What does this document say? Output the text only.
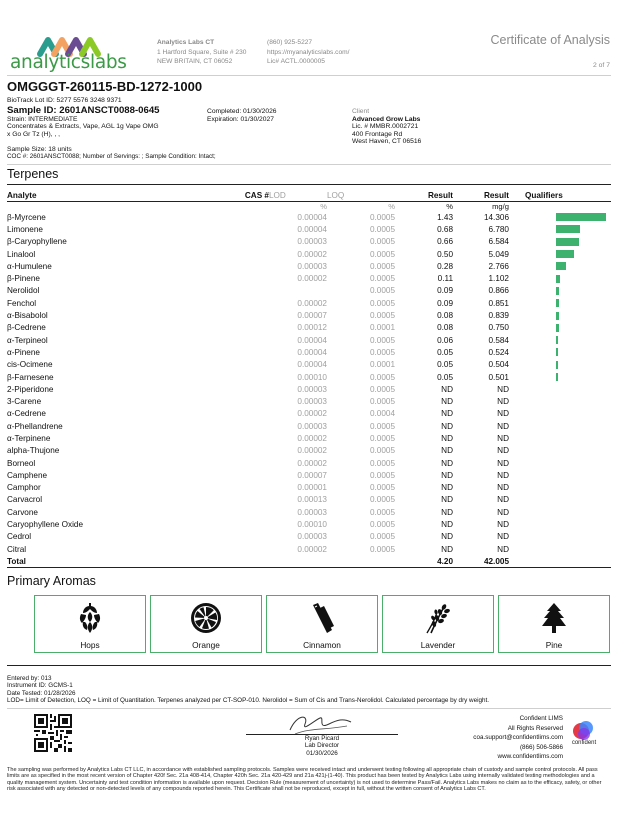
analyticslabs
Analytics Labs CT
1 Hartford Square, Suite # 230
NEW BRITAIN, CT 06052
(860) 925-5227
https://myanalyticslabs.com/
Lic# ACTL.0000005
Certificate of Analysis
2 of 7
OMGGGT-260115-BD-1272-1000
BioTrack Lot ID: 5277 5576 3248 9371
Sample ID: 2601ANSCT0088-0645
Strain: INTERMEDIATE
Concentrates & Extracts, Vape, AGL 1g Vape OMG
x Go Gr Tz (H), , ,
Completed: 01/30/2026
Expiration: 01/30/2027
Sample Size: 18 units
COC #: 2601ANSCT0088; Number of Servings: ; Sample Condition: Intact;
Client
Advanced Grow Labs
Lic. # MMBR.0002721
400 Frontage Rd
West Haven, CT 06516
Terpenes
Analyte	CAS #	LOD	LOQ	Result	Result	Qualifiers
		%	%	%	mg/g	
β-Myrcene		0.00004	0.0005	1.43	14.306	

Limonene		0.00004	0.0005	0.68	6.780	

β-Caryophyllene		0.00003	0.0005	0.66	6.584	

Linalool		0.00002	0.0005	0.50	5.049	

α-Humulene		0.00003	0.0005	0.28	2.766	

β-Pinene		0.00002	0.0005	0.11	1.102	

Nerolidol			0.0005	0.09	0.866	

Fenchol		0.00002	0.0005	0.09	0.851	

α-Bisabolol		0.00007	0.0005	0.08	0.839	

β-Cedrene		0.00012	0.0001	0.08	0.750	

α-Terpineol		0.00004	0.0005	0.06	0.584	

α-Pinene		0.00004	0.0005	0.05	0.524	

cis-Ocimene		0.00004	0.0001	0.05	0.504	

β-Farnesene		0.00010	0.0005	0.05	0.501	

2-Piperidone		0.00003	0.0005	ND	ND	
3-Carene		0.00003	0.0005	ND	ND	
α-Cedrene		0.00002	0.0004	ND	ND	
α-Phellandrene		0.00003	0.0005	ND	ND	
α-Terpinene		0.00002	0.0005	ND	ND	
alpha-Thujone		0.00002	0.0005	ND	ND	
Borneol		0.00002	0.0005	ND	ND	
Camphene		0.00007	0.0005	ND	ND	
Camphor		0.00001	0.0005	ND	ND	
Carvacrol		0.00013	0.0005	ND	ND	
Carvone		0.00003	0.0005	ND	ND	
Caryophyllene Oxide		0.00010	0.0005	ND	ND	
Cedrol		0.00003	0.0005	ND	ND	
Citral		0.00002	0.0005	ND	ND	
Total				4.20	42.005	
Primary Aromas
Hops	Orange	Cinnamon	Lavender	Pine
Entered by: 013
Instrument ID: GCMS-1
Date Tested: 01/28/2026
LOD= Limit of Detection, LOQ = Limit of Quantitation. Terpenes analyzed per CT-SOP-010. Nerolidol = Sum of Cis and Trans-Nerolidol. Calculated percentage by dry weight.
Ryan Picard
Lab Director
01/30/2026
Confident LIMS
All Rights Reserved
coa.support@confidentlims.com
(866) 506-5866
www.confidentlims.com
confident
The sampling was performed by Analytics Labs CT LLC, in accordance with established sampling protocols. Samples were received intact and underwent testing following all appropriate chain of custody and sample control protocols. All pass limits are as specified in the most recent version of Chapter 420f Sec. 21a 408-414, Chapter 420h Sec. 21a 420-429 and 21a 421j-(1-40). This product has been tested by Analytics Labs using internally validated testing methodologies and a quality management system. Uncertainty and test condition information is available upon request. Decision Rule (measurement of uncertainty) is not used to determine Pass/Fail. Analytics Labs makes no claim as to the efficacy, safety, or other risk associated with any detected or non-detected levels of any compounds reported herein. This Certificate shall not be reproduced, except in full, without the written consent of Analytics Labs CT.
